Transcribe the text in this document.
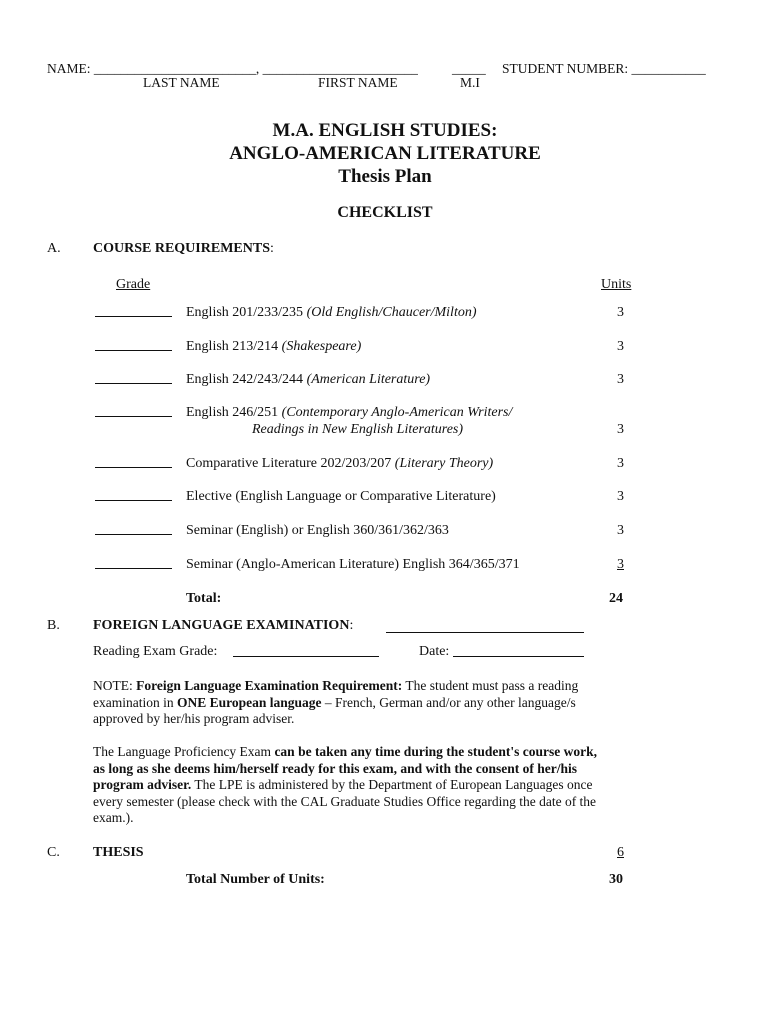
NAME: ________________________, _______________________	_____ STUDENT NUMBER: ___________
LAST NAME	FIRST NAME	M.I
M.A. ENGLISH STUDIES:
ANGLO-AMERICAN LITERATURE
Thesis Plan
CHECKLIST
A. COURSE REQUIREMENTS:
Grade	Units
English 201/233/235 (Old English/Chaucer/Milton)	3
English 213/214 (Shakespeare)	3
English 242/243/244 (American Literature)	3
English 246/251 (Contemporary Anglo-American Writers/
Readings in New English Literatures)	3
Comparative Literature 202/203/207 (Literary Theory)	3
Elective (English Language or Comparative Literature)	3
Seminar (English) or English 360/361/362/363	3
Seminar (Anglo-American Literature) English 364/365/371	3
Total:	24
B. FOREIGN LANGUAGE EXAMINATION:
Reading Exam Grade:	Date:
NOTE: Foreign Language Examination Requirement: The student must pass a reading examination in ONE European language – French, German and/or any other language/s approved by her/his program adviser.
The Language Proficiency Exam can be taken any time during the student's course work, as long as she deems him/herself ready for this exam, and with the consent of her/his program adviser. The LPE is administered by the Department of European Languages once every semester (please check with the CAL Graduate Studies Office regarding the date of the exam.).
C. THESIS	6
Total Number of Units:	30
